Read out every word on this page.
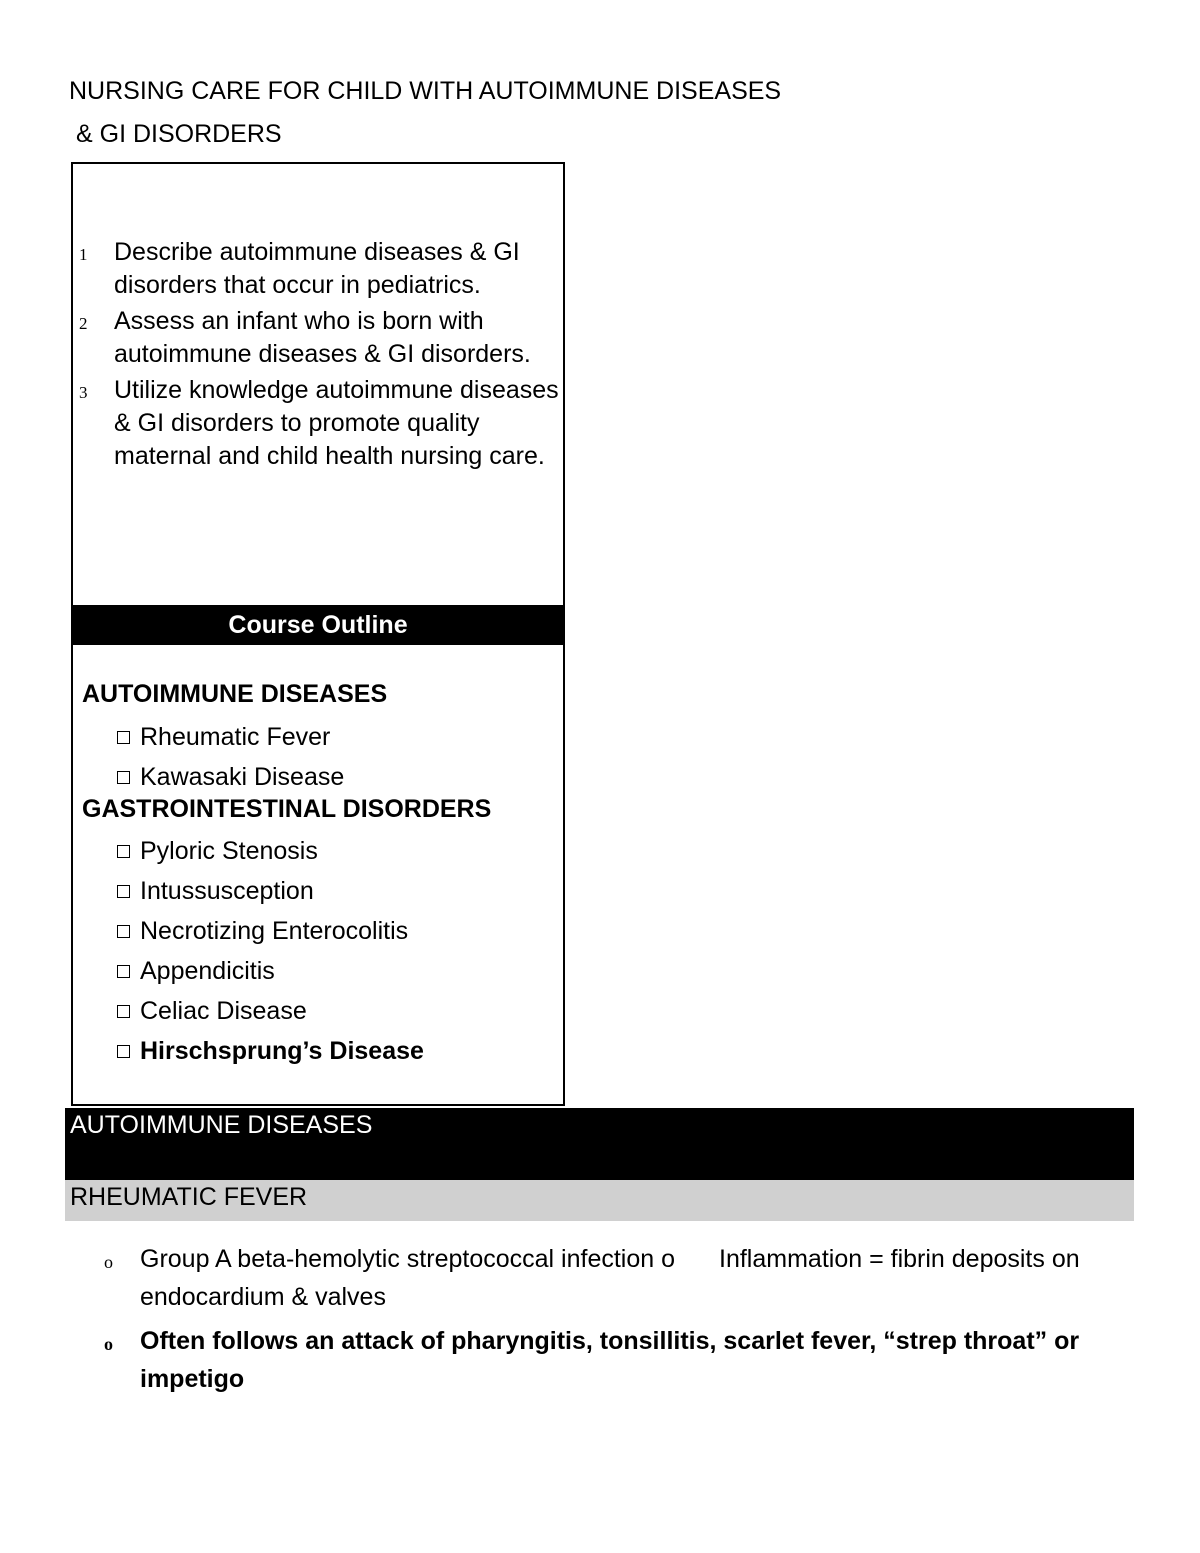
NURSING CARE FOR CHILD WITH AUTOIMMUNE DISEASES
& GI DISORDERS
1 Describe autoimmune diseases & GI disorders that occur in pediatrics.
2 Assess an infant who is born with autoimmune diseases & GI disorders.
3 Utilize knowledge autoimmune diseases & GI disorders to promote quality maternal and child health nursing care.
Course Outline
AUTOIMMUNE DISEASES
Rheumatic Fever
Kawasaki Disease
GASTROINTESTINAL DISORDERS
Pyloric Stenosis
Intussusception
Necrotizing Enterocolitis
Appendicitis
Celiac Disease
Hirschsprung’s Disease
AUTOIMMUNE DISEASES
RHEUMATIC FEVER
o Group A beta-hemolytic streptococcal infection o Inflammation = fibrin deposits on endocardium & valves
o Often follows an attack of pharyngitis, tonsillitis, scarlet fever, “strep throat” or impetigo
